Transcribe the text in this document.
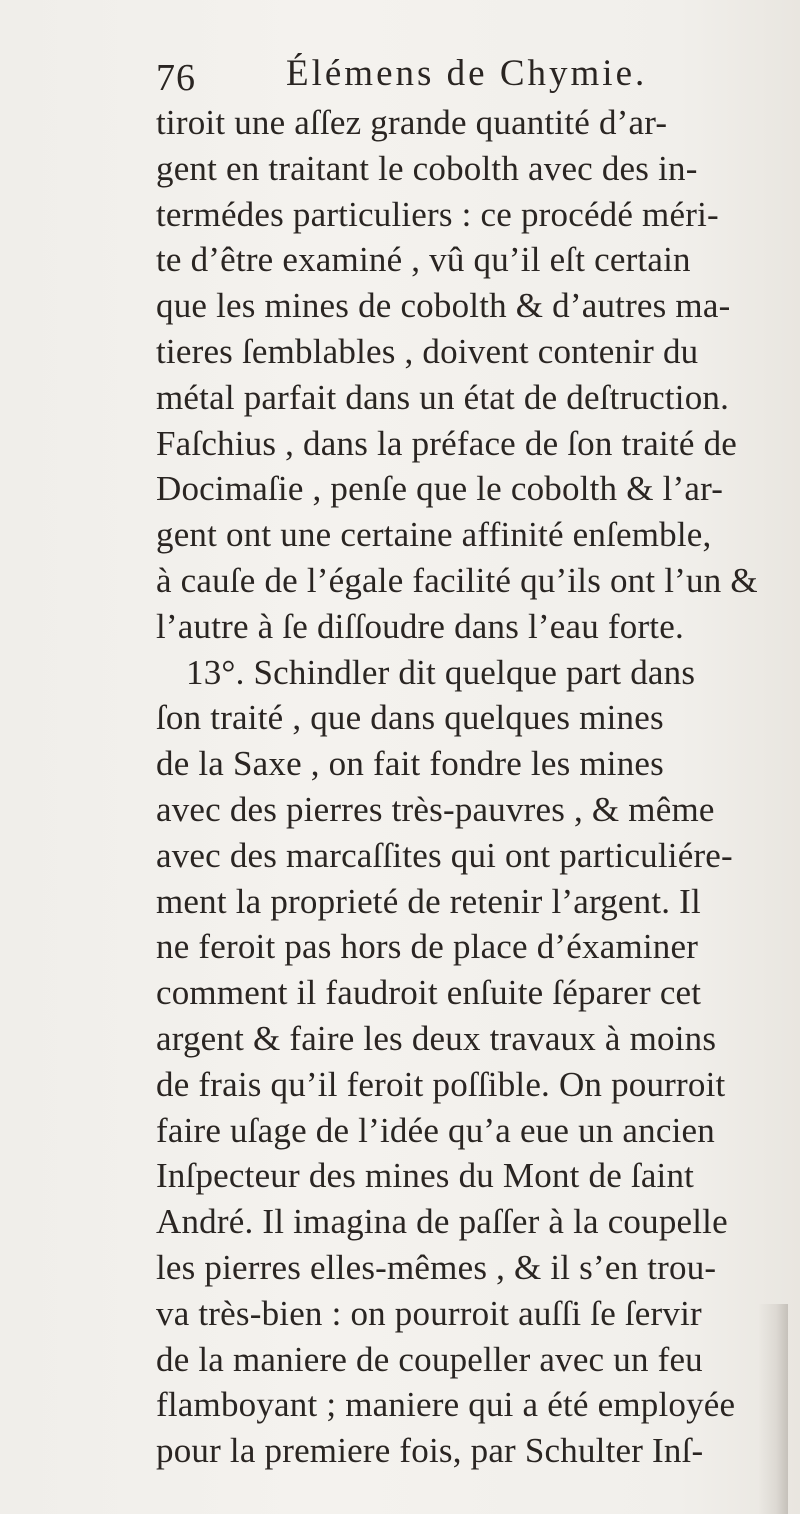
76 Élémens de Chymie.
tiroit une aſſez grande quantité d’ar-
gent en traitant le cobolth avec des in-
termédes particuliers : ce procédé méri-
te d’être examiné , vû qu’il eſt certain
que les mines de cobolth & d’autres ma-
tieres ſemblables , doivent contenir du
métal parfait dans un état de deſtruction.
Faſchius , dans la préface de ſon traité de
Docimaſie , penſe que le cobolth & l’ar-
gent ont une certaine affinité enſemble,
à cauſe de l’égale facilité qu’ils ont l’un &
l’autre à ſe diſſoudre dans l’eau forte.
13°. Schindler dit quelque part dans
ſon traité , que dans quelques mines
de la Saxe , on fait fondre les mines
avec des pierres très-pauvres , & même
avec des marcaſſites qui ont particuliére-
ment la proprieté de retenir l’argent. Il
ne feroit pas hors de place d’éxaminer
comment il faudroit enſuite ſéparer cet
argent & faire les deux travaux à moins
de frais qu’il feroit poſſible. On pourroit
faire uſage de l’idée qu’a eue un ancien
Inſpecteur des mines du Mont de ſaint
André. Il imagina de paſſer à la coupelle
les pierres elles-mêmes , & il s’en trou-
va très-bien : on pourroit auſſi ſe ſervir
de la maniere de coupeller avec un feu
flamboyant ; maniere qui a été employée
pour la premiere fois, par Schulter Inſ-
